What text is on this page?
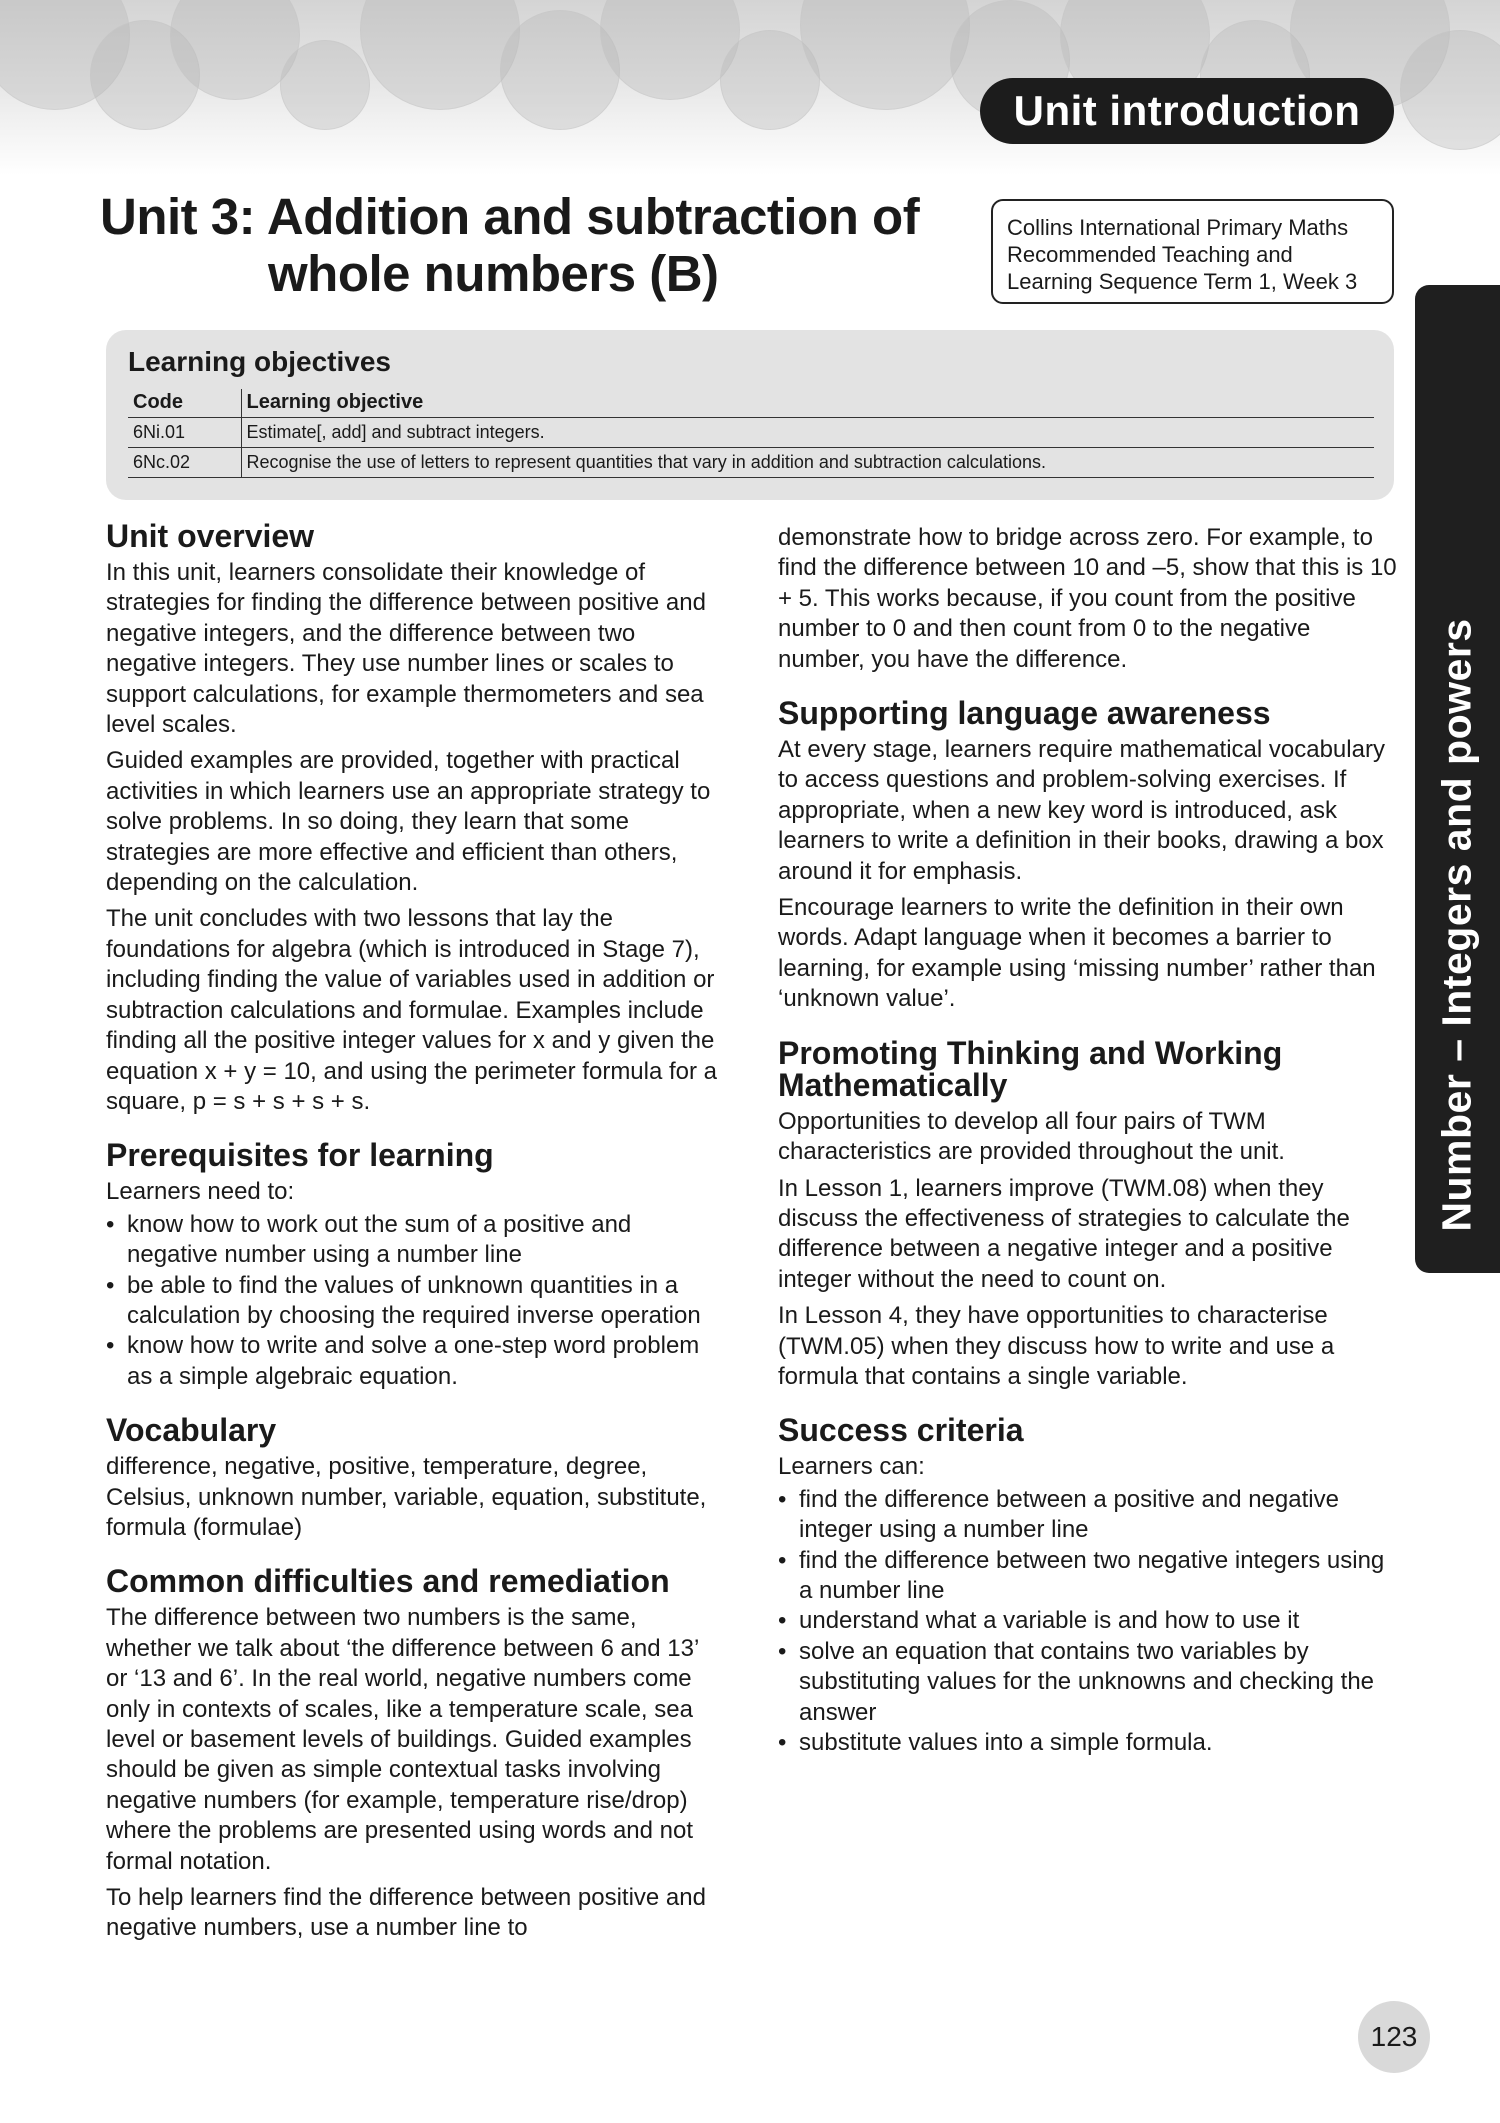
Unit introduction
Unit 3: Addition and subtraction of
whole numbers (B)
Collins International Primary Maths
Recommended Teaching and
Learning Sequence Term 1, Week 3
Number – Integers and powers
Learning objectives
Code	Learning objective
6Ni.01	Estimate[, add] and subtract integers.
6Nc.02	Recognise the use of letters to represent quantities that vary in addition and subtraction calculations.
Unit overview

In this unit, learners consolidate their knowledge of strategies for finding the difference between positive and negative integers, and the difference between two negative integers. They use number lines or scales to support calculations, for example thermometers and sea level scales.

Guided examples are provided, together with practical activities in which learners use an appropriate strategy to solve problems. In so doing, they learn that some strategies are more effective and efficient than others, depending on the calculation.

The unit concludes with two lessons that lay the foundations for algebra (which is introduced in Stage 7), including finding the value of variables used in addition or subtraction calculations and formulae. Examples include finding all the positive integer values for x and y given the equation x + y = 10, and using the perimeter formula for a square, p = s + s + s + s.

Prerequisites for learning

Learners need to:

• know how to work out the sum of a positive and negative number using a number line
• be able to find the values of unknown quantities in a calculation by choosing the required inverse operation
• know how to write and solve a one-step word problem as a simple algebraic equation.
Vocabulary

difference, negative, positive, temperature, degree, Celsius, unknown number, variable, equation, substitute, formula (formulae)

Common difficulties and remediation

The difference between two numbers is the same, whether we talk about ‘the difference between 6 and 13’ or ‘13 and 6’. In the real world, negative numbers come only in contexts of scales, like a temperature scale, sea level or basement levels of buildings. Guided examples should be given as simple contextual tasks involving negative numbers (for example, temperature rise/drop) where the problems are presented using words and not formal notation.

To help learners find the difference between positive and negative numbers, use a number line to

demonstrate how to bridge across zero. For example, to find the difference between 10 and –5, show that this is 10 + 5. This works because, if you count from the positive number to 0 and then count from 0 to the negative number, you have the difference.

Supporting language awareness

At every stage, learners require mathematical vocabulary to access questions and problem-solving exercises. If appropriate, when a new key word is introduced, ask learners to write a definition in their books, drawing a box around it for emphasis.

Encourage learners to write the definition in their own words. Adapt language when it becomes a barrier to learning, for example using ‘missing number’ rather than ‘unknown value’.

Promoting Thinking and Working Mathematically

Opportunities to develop all four pairs of TWM characteristics are provided throughout the unit.

In Lesson 1, learners improve (TWM.08) when they discuss the effectiveness of strategies to calculate the difference between a negative integer and a positive integer without the need to count on.

In Lesson 4, they have opportunities to characterise (TWM.05) when they discuss how to write and use a formula that contains a single variable.

Success criteria

Learners can:

• find the difference between a positive and negative integer using a number line
• find the difference between two negative integers using a number line
• understand what a variable is and how to use it
• solve an equation that contains two variables by substituting values for the unknowns and checking the answer
• substitute values into a simple formula.
123
